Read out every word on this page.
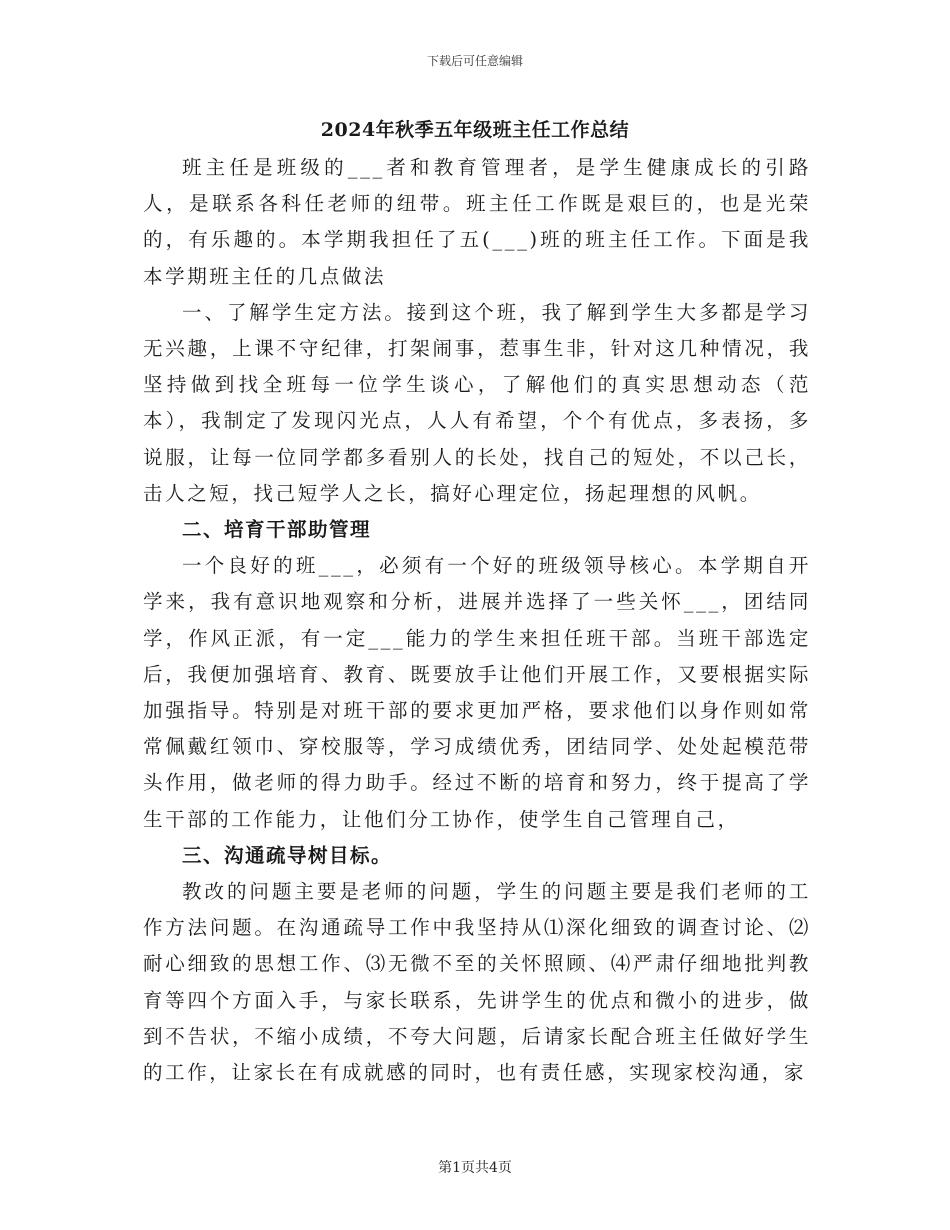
下载后可任意编辑
2024年秋季五年级班主任工作总结

班主任是班级的___者和教育管理者，是学生健康成长的引路人，是联系各科任老师的纽带。班主任工作既是艰巨的，也是光荣的，有乐趣的。本学期我担任了五(___)班的班主任工作。下面是我本学期班主任的几点做法

一、了解学生定方法。接到这个班，我了解到学生大多都是学习无兴趣，上课不守纪律，打架闹事，惹事生非，针对这几种情况，我坚持做到找全班每一位学生谈心，了解他们的真实思想动态（范本），我制定了发现闪光点，人人有希望，个个有优点，多表扬，多说服，让每一位同学都多看别人的长处，找自己的短处，不以己长，击人之短，找己短学人之长，搞好心理定位，扬起理想的风帆。

二、培育干部助管理

一个良好的班___，必须有一个好的班级领导核心。本学期自开学来，我有意识地观察和分析，进展并选择了一些关怀___，团结同学，作风正派，有一定___能力的学生来担任班干部。当班干部选定后，我便加强培育、教育、既要放手让他们开展工作，又要根据实际加强指导。特别是对班干部的要求更加严格，要求他们以身作则如常常佩戴红领巾、穿校服等，学习成绩优秀，团结同学、处处起模范带头作用，做老师的得力助手。经过不断的培育和努力，终于提高了学生干部的工作能力，让他们分工协作，使学生自己管理自己，

三、沟通疏导树目标。

教改的问题主要是老师的问题，学生的问题主要是我们老师的工作方法问题。在沟通疏导工作中我坚持从⑴深化细致的调查讨论、⑵耐心细致的思想工作、⑶无微不至的关怀照顾、⑷严肃仔细地批判教育等四个方面入手，与家长联系，先讲学生的优点和微小的进步，做到不告状，不缩小成绩，不夸大问题，后请家长配合班主任做好学生的工作，让家长在有成就感的同时，也有责任感，实现家校沟通，家

第1页共4页
